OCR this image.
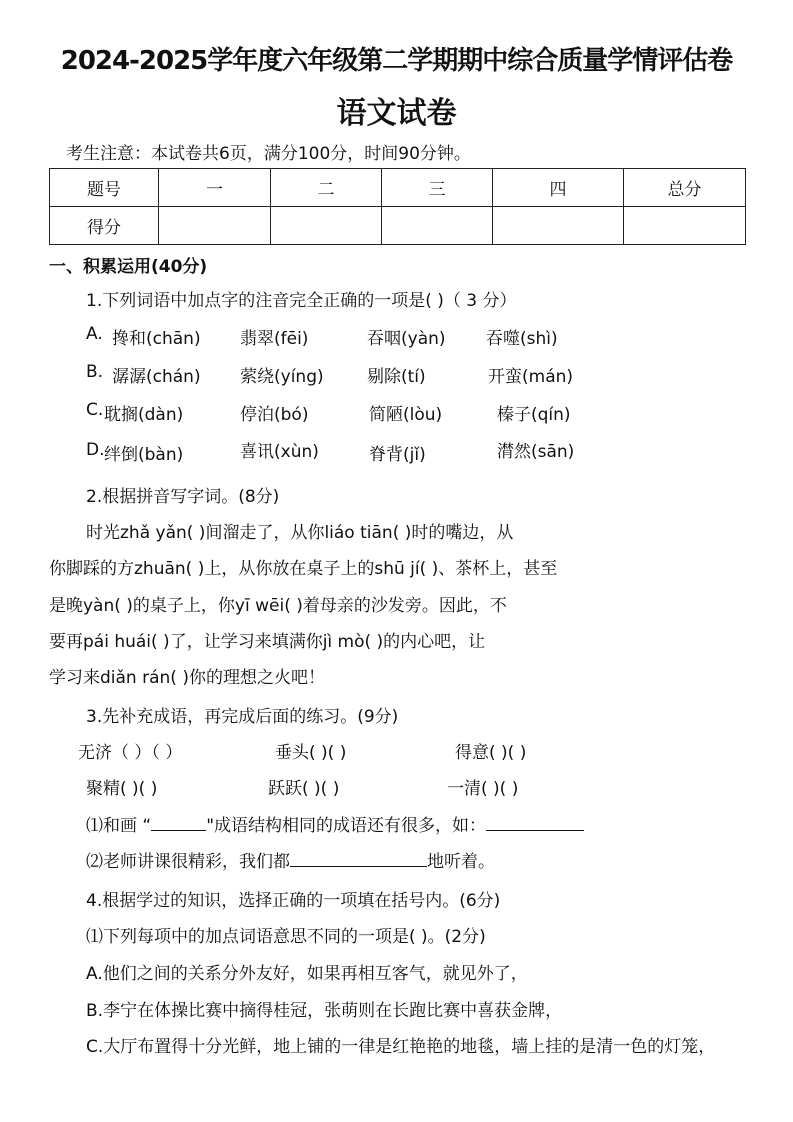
2024-2025学年度六年级第二学期期中综合质量学情评估卷
语文试卷
考生注意：本试卷共6页，满分100分，时间90分钟。
题号	一	二	三	四	总分
得分					
一、积累运用(40分)
1.下列词语中加点字的注音完全正确的一项是( )（ 3 分）
A. 搀和(chān) 翡翠(fēi)	吞咽(yàn) 吞噬(shì)
B. 潺潺(chán) 萦绕(yíng)	剔除(tí)	开蛮(mán)
C. 耽搁(dàn)	停泊(bó)	简陋(lòu)	榛子(qín)
D. 绊倒(bàn)	喜讯(xùn)	脊背(jǐ)	潸然(sān)
2.根据拼音写字词。(8分)
时光zhǎ yǎn( )间溜走了，从你liáo tiān( )时的嘴边，从
你脚踩的方zhuān( )上，从你放在桌子上的shū jí( )、茶杯上，甚至
是晚yàn( )的桌子上，你yī wēi( )着母亲的沙发旁。因此，不
要再pái huái( )了，让学习来填满你jì mò( )的内心吧，让
学习来diǎn rán( )你的理想之火吧！
3.先补充成语，再完成后面的练习。(9分)
无济（ ）（ ）	垂头( )( )	得意( )( )
聚精( )( )	跃跃( )( )	一清( )( )
⑴和画 “	"成语结构相同的成语还有很多，如：
⑵老师讲课很精彩，我们都	地听着。
4.根据学过的知识，选择正确的一项填在括号内。(6分)
⑴下列每项中的加点词语意思不同的一项是( )。(2分)
A.他们之间的关系分外友好，如果再相互客气，就见外了，
B.李宁在体操比赛中摘得桂冠，张萌则在长跑比赛中喜获金牌，
C.大厅布置得十分光鲜，地上铺的一律是红艳艳的地毯，墙上挂的是清一色的灯笼，
